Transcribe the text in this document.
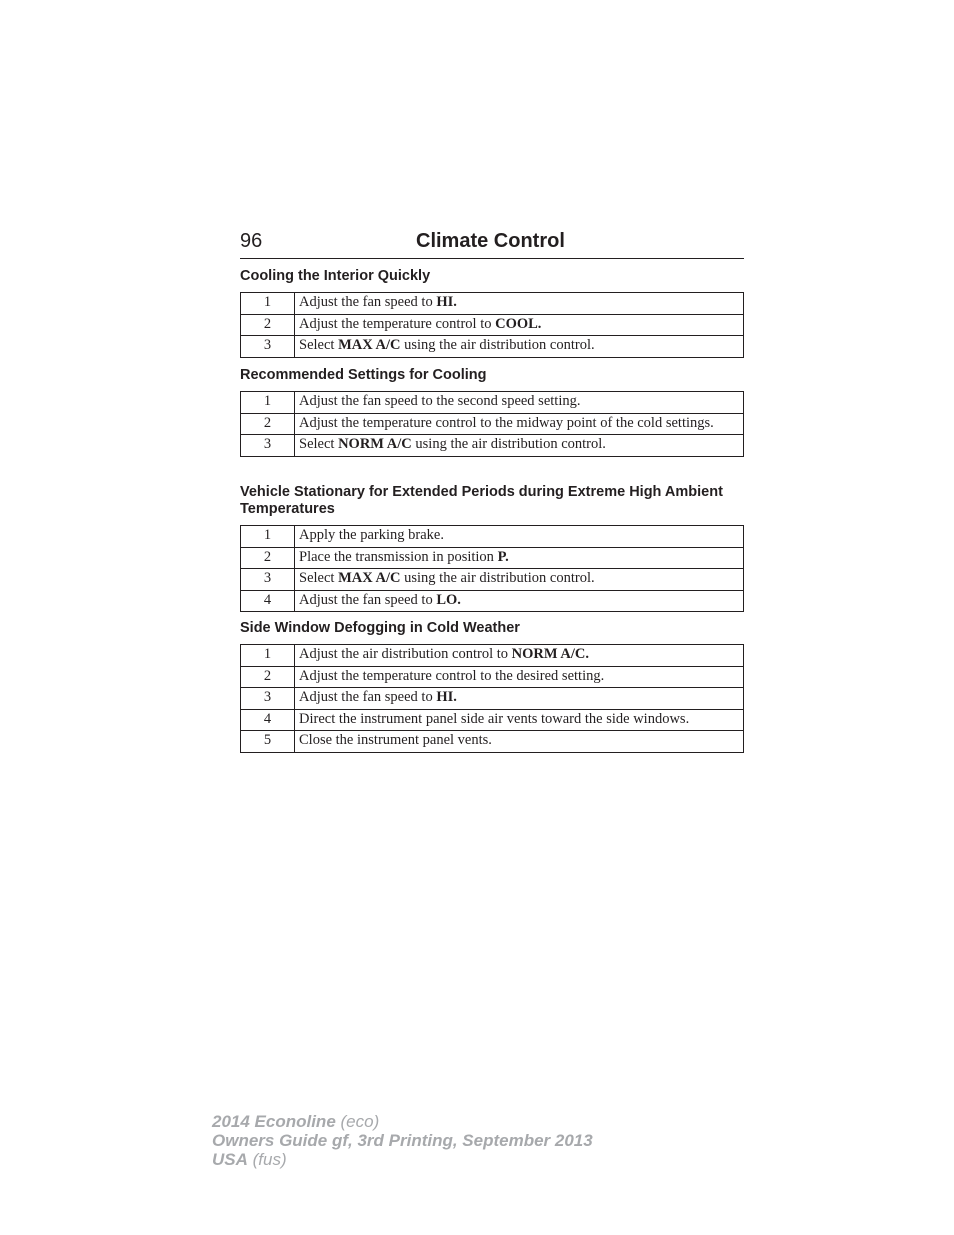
96	Climate Control
Cooling the Interior Quickly
1	Adjust the fan speed to HI.
2	Adjust the temperature control to COOL.
3	Select MAX A/C using the air distribution control.
Recommended Settings for Cooling
1	Adjust the fan speed to the second speed setting.
2	Adjust the temperature control to the midway point of the cold settings.
3	Select NORM A/C using the air distribution control.
Vehicle Stationary for Extended Periods during Extreme High Ambient Temperatures
1	Apply the parking brake.
2	Place the transmission in position P.
3	Select MAX A/C using the air distribution control.
4	Adjust the fan speed to LO.
Side Window Defogging in Cold Weather
1	Adjust the air distribution control to NORM A/C.
2	Adjust the temperature control to the desired setting.
3	Adjust the fan speed to HI.
4	Direct the instrument panel side air vents toward the side windows.
5	Close the instrument panel vents.
2014 Econoline (eco)
Owners Guide gf, 3rd Printing, September 2013
USA (fus)
